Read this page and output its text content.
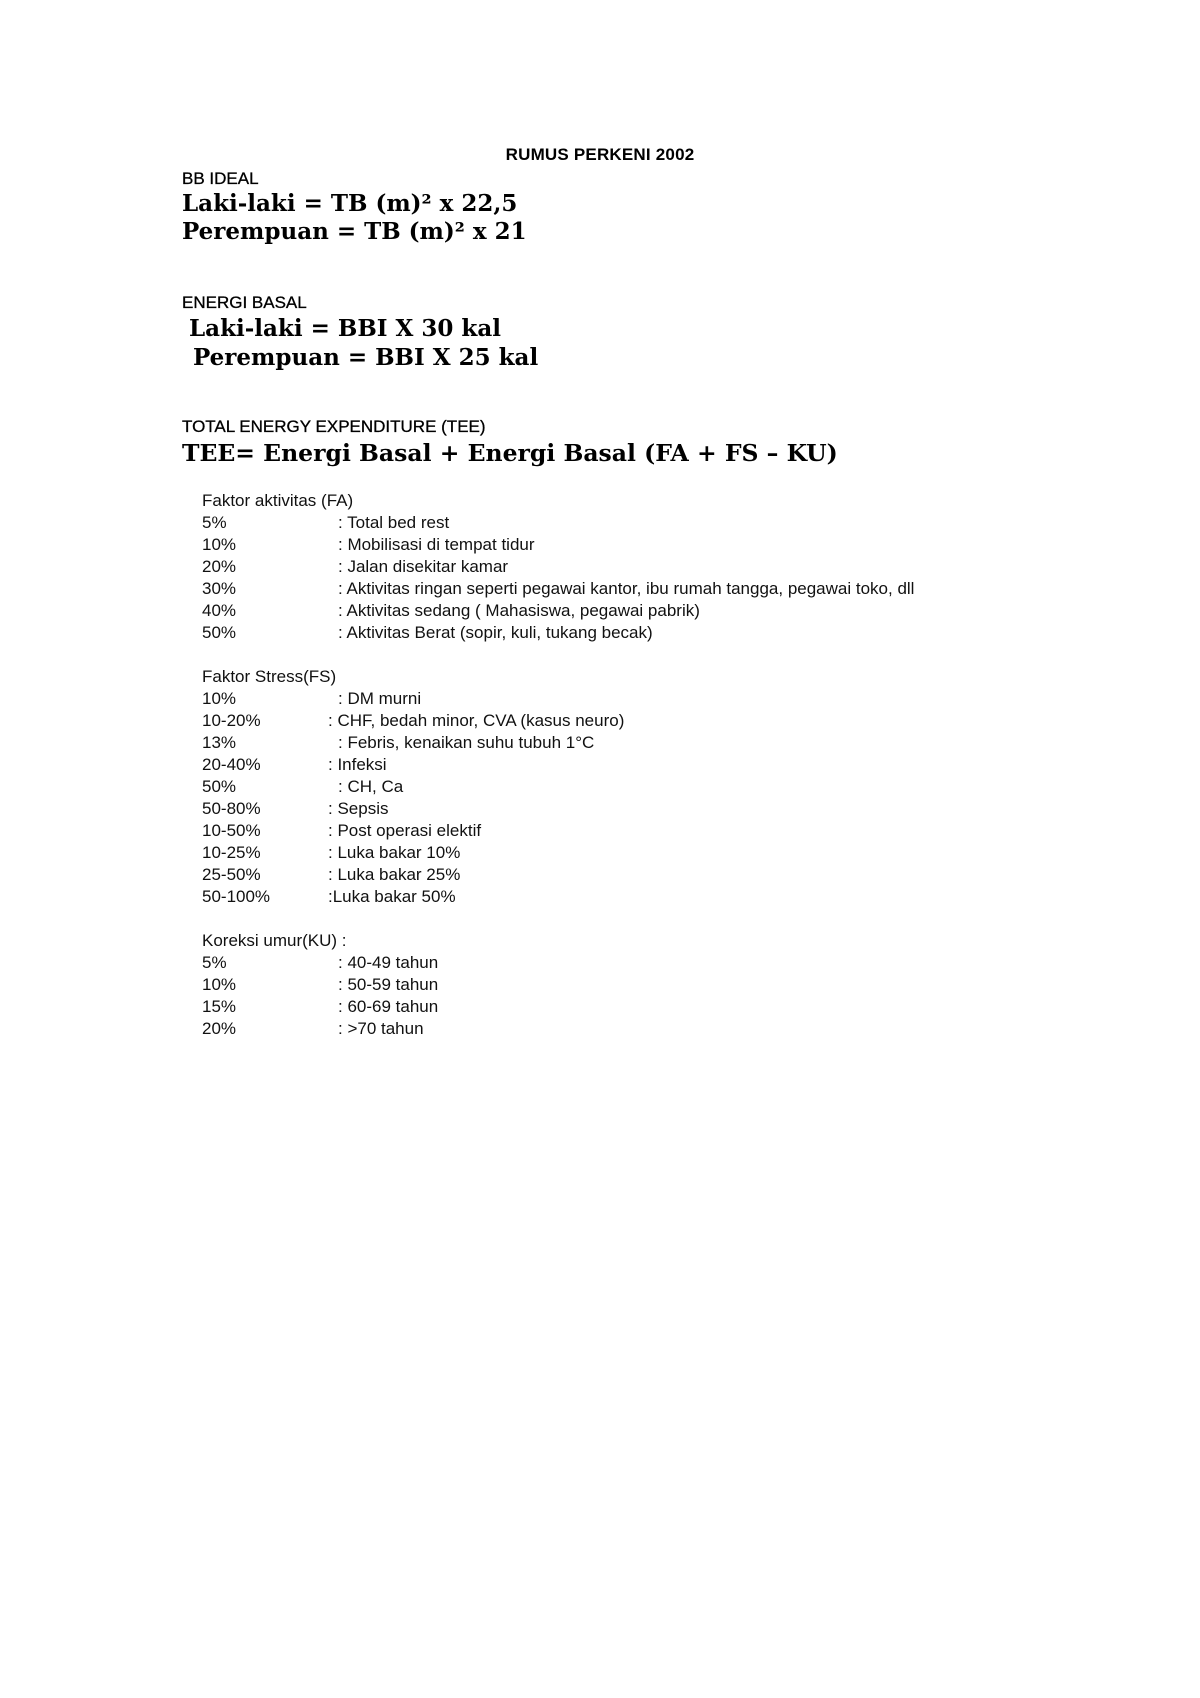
RUMUS PERKENI 2002
BB IDEAL
Laki-laki = TB (m)² x 22,5
Perempuan = TB (m)² x 21
ENERGI BASAL
Laki-laki = BBI X 30 kal
Perempuan = BBI X 25 kal
TOTAL ENERGY EXPENDITURE (TEE)
TEE= Energi Basal + Energi Basal (FA + FS – KU)
Faktor aktivitas (FA)
5%	: Total bed rest
10%	: Mobilisasi di tempat tidur
20%	: Jalan disekitar kamar
30%	: Aktivitas ringan seperti pegawai kantor, ibu rumah tangga, pegawai toko, dll
40%	: Aktivitas sedang ( Mahasiswa, pegawai pabrik)
50%	: Aktivitas Berat (sopir, kuli, tukang becak)
Faktor Stress(FS)
10%	: DM murni
10-20%	: CHF, bedah minor, CVA (kasus neuro)
13%	: Febris, kenaikan suhu tubuh 1°C
20-40%	: Infeksi
50%	: CH, Ca
50-80%	: Sepsis
10-50%	: Post operasi elektif
10-25%	: Luka bakar 10%
25-50%	: Luka bakar 25%
50-100%	:Luka bakar 50%
Koreksi umur(KU) :
5%	: 40-49 tahun
10%	: 50-59 tahun
15%	: 60-69 tahun
20%	: >70 tahun
